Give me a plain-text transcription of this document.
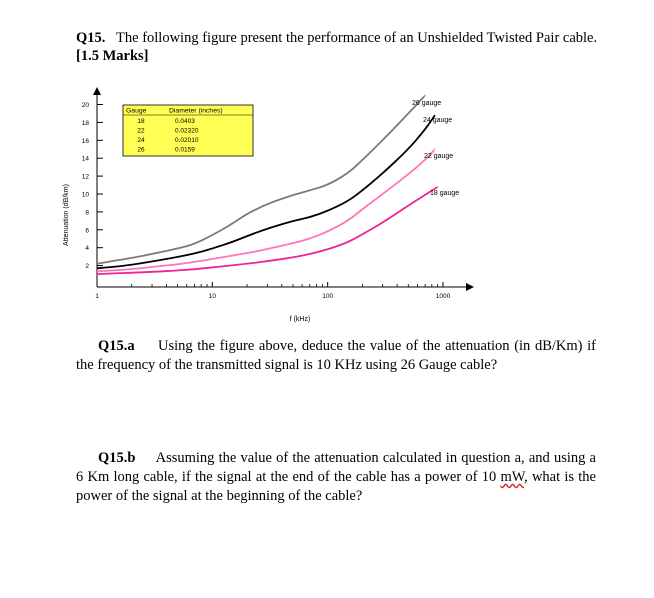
Q15. The following figure present the performance of an Unshielded Twisted Pair cable.
[1.5 Marks]
2
4
6
8
10
12
14
16
18
20
1	10	100	1000
26 gauge
24 gauge
22 gauge
18 gauge
Gauge	Diameter (inches)
18	0.0403
22	0.02320
24	0.02010
26	0.0159
f (kHz)
Attenuation (dB/km)
Q15.a Using the figure above, deduce the value of the attenuation (in dB/Km) if the frequency of the transmitted signal is 10 KHz using 26 Gauge cable?
Q15.b Assuming the value of the attenuation calculated in question a, and using a 6 Km long cable, if the signal at the end of the cable has a power of 10 mW, what is the power of the signal at the beginning of the cable?
